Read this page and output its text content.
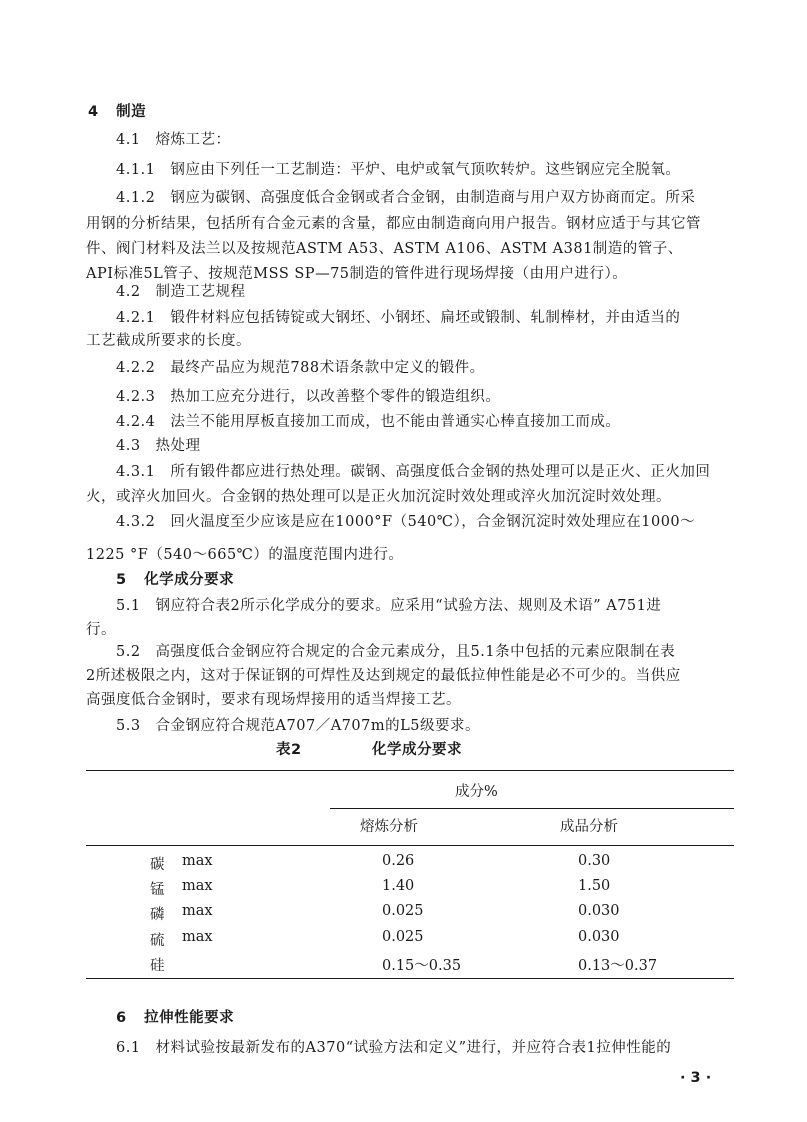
4 制造
4.1　熔炼工艺：
4.1.1　钢应由下列任一工艺制造：平炉、电炉或氧气顶吹转炉。这些钢应完全脱氧。
4.1.2　钢应为碳钢、高强度低合金钢或者合金钢，由制造商与用户双方协商而定。所采
用钢的分析结果，包括所有合金元素的含量，都应由制造商向用户报告。钢材应适于与其它管
件、阀门材料及法兰以及按规范ASTM A53、ASTM A106、ASTM A381制造的管子、
API标准5L管子、按规范MSS SP—75制造的管件进行现场焊接（由用户进行）。
4.2　制造工艺规程
4.2.1　锻件材料应包括铸锭或大钢坯、小钢坯、扁坯或锻制、轧制棒材，并由适当的
工艺截成所要求的长度。
4.2.2　最终产品应为规范788术语条款中定义的锻件。
4.2.3　热加工应充分进行，以改善整个零件的锻造组织。
4.2.4　法兰不能用厚板直接加工而成，也不能由普通实心棒直接加工而成。
4.3　热处理
4.3.1　所有锻件都应进行热处理。碳钢、高强度低合金钢的热处理可以是正火、正火加回
火，或淬火加回火。合金钢的热处理可以是正火加沉淀时效处理或淬火加沉淀时效处理。
4.3.2　回火温度至少应该是应在1000°F（540℃），合金钢沉淀时效处理应在1000～
1225 °F（540～665℃）的温度范围内进行。
5 化学成分要求
5.1　钢应符合表2所示化学成分的要求。应采用“试验方法、规则及术语” A751进
行。
5.2　高强度低合金钢应符合规定的合金元素成分，且5.1条中包括的元素应限制在表
2所述极限之内，这对于保证钢的可焊性及达到规定的最低拉伸性能是必不可少的。当供应
高强度低合金钢时，要求有现场焊接用的适当焊接工艺。
5.3　合金钢应符合规范A707／A707m的L5级要求。
表2	化学成分要求
成分%
熔炼分析	成品分析
碳 max	0.26	0.30
锰 max	1.40	1.50
磷 max	0.025	0.030
硫 max	0.025	0.030
硅	0.15～0.35	0.13～0.37
6 拉伸性能要求
6.1　材料试验按最新发布的A370“试验方法和定义”进行，并应符合表1拉伸性能的
· 3 ·
